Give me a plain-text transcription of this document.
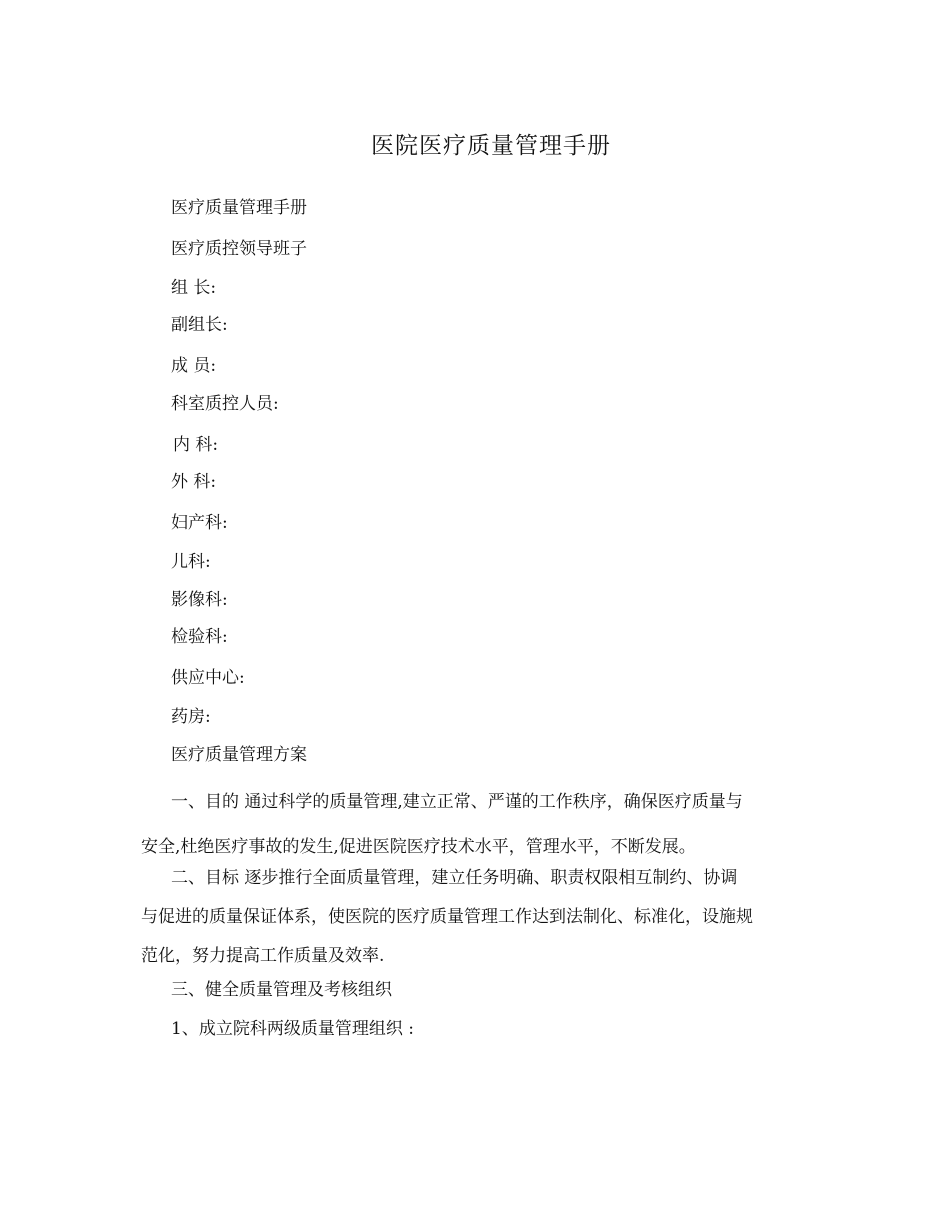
医院医疗质量管理手册

医疗质量管理手册

医疗质控领导班子

组 长:

副组长:

成 员:

科室质控人员:

内 科:

外 科:

妇产科:

儿科:

影像科:

检验科:

供应中心:

药房:

医疗质量管理方案

一、目的 通过科学的质量管理,建立正常、严谨的工作秩序，确保医疗质量与
安全,杜绝医疗事故的发生,促进医院医疗技术水平，管理水平，不断发展。
二、目标 逐步推行全面质量管理，建立任务明确、职责权限相互制约、协调
与促进的质量保证体系，使医院的医疗质量管理工作达到法制化、标准化，设施规
范化，努力提高工作质量及效率.

三、健全质量管理及考核组织

1、成立院科两级质量管理组织 :
